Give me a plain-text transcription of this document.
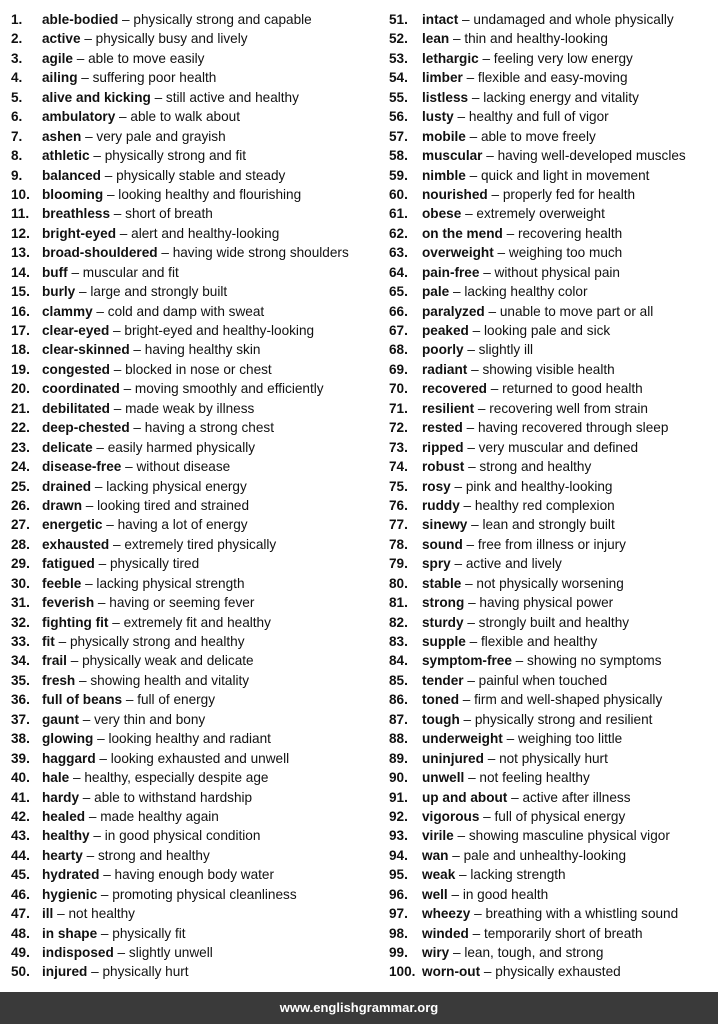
1.	able-bodied – physically strong and capable
2.	active – physically busy and lively
3.	agile – able to move easily
4.	ailing – suffering poor health
5.	alive and kicking – still active and healthy
6.	ambulatory – able to walk about
7.	ashen – very pale and grayish
8.	athletic – physically strong and fit
9.	balanced – physically stable and steady
10. blooming – looking healthy and flourishing
11. breathless – short of breath
12. bright-eyed – alert and healthy-looking
13. broad-shouldered – having wide strong shoulders
14. buff – muscular and fit
15. burly – large and strongly built
16. clammy – cold and damp with sweat
17. clear-eyed – bright-eyed and healthy-looking
18. clear-skinned – having healthy skin
19. congested – blocked in nose or chest
20. coordinated – moving smoothly and efficiently
21. debilitated – made weak by illness
22. deep-chested – having a strong chest
23. delicate – easily harmed physically
24. disease-free – without disease
25. drained – lacking physical energy
26. drawn – looking tired and strained
27. energetic – having a lot of energy
28. exhausted – extremely tired physically
29. fatigued – physically tired
30. feeble – lacking physical strength
31. feverish – having or seeming fever
32. fighting fit – extremely fit and healthy
33. fit – physically strong and healthy
34. frail – physically weak and delicate
35. fresh – showing health and vitality
36. full of beans – full of energy
37. gaunt – very thin and bony
38. glowing – looking healthy and radiant
39. haggard – looking exhausted and unwell
40. hale – healthy, especially despite age
41. hardy – able to withstand hardship
42. healed – made healthy again
43. healthy – in good physical condition
44. hearty – strong and healthy
45. hydrated – having enough body water
46. hygienic – promoting physical cleanliness
47. ill – not healthy
48. in shape – physically fit
49. indisposed – slightly unwell
50. injured – physically hurt
51.	intact – undamaged and whole physically
52.	lean – thin and healthy-looking
53.	lethargic – feeling very low energy
54.	limber – flexible and easy-moving
55.	listless – lacking energy and vitality
56.	lusty – healthy and full of vigor
57.	mobile – able to move freely
58.	muscular – having well-developed muscles
59.	nimble – quick and light in movement
60.	nourished – properly fed for health
61.	obese – extremely overweight
62.	on the mend – recovering health
63.	overweight – weighing too much
64.	pain-free – without physical pain
65.	pale – lacking healthy color
66.	paralyzed – unable to move part or all
67.	peaked – looking pale and sick
68.	poorly – slightly ill
69.	radiant – showing visible health
70.	recovered – returned to good health
71.	resilient – recovering well from strain
72.	rested – having recovered through sleep
73.	ripped – very muscular and defined
74.	robust – strong and healthy
75.	rosy – pink and healthy-looking
76.	ruddy – healthy red complexion
77.	sinewy – lean and strongly built
78.	sound – free from illness or injury
79.	spry – active and lively
80.	stable – not physically worsening
81.	strong – having physical power
82.	sturdy – strongly built and healthy
83.	supple – flexible and healthy
84.	symptom-free – showing no symptoms
85.	tender – painful when touched
86.	toned – firm and well-shaped physically
87.	tough – physically strong and resilient
88.	underweight – weighing too little
89.	uninjured – not physically hurt
90.	unwell – not feeling healthy
91.	up and about – active after illness
92.	vigorous – full of physical energy
93.	virile – showing masculine physical vigor
94.	wan – pale and unhealthy-looking
95.	weak – lacking strength
96.	well – in good health
97.	wheezy – breathing with a whistling sound
98.	winded – temporarily short of breath
99.	wiry – lean, tough, and strong
100. worn-out – physically exhausted
www.englishgrammar.org
